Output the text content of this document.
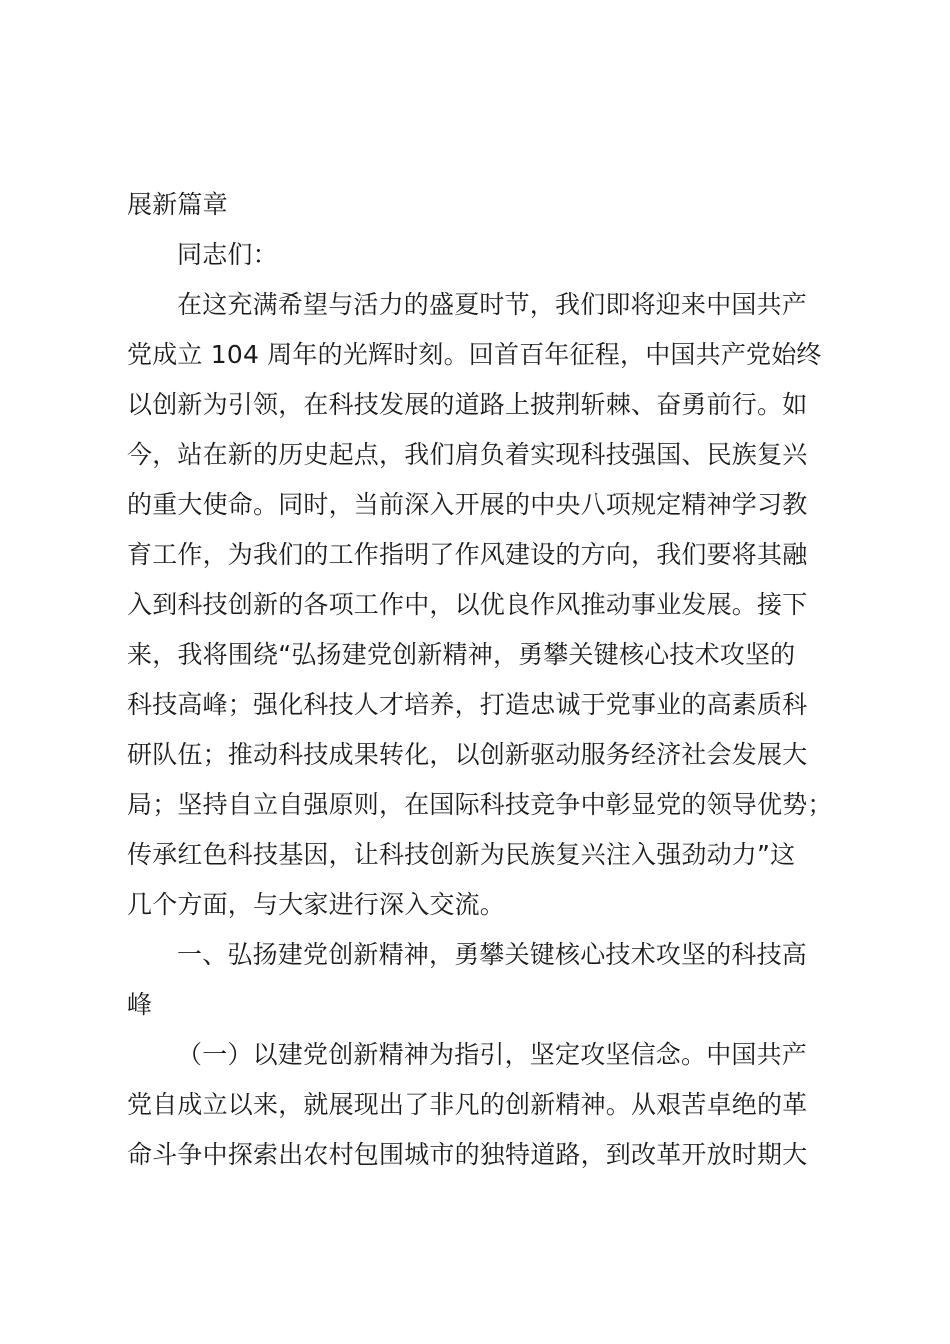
展新篇章
同志们：
在这充满希望与活力的盛夏时节，我们即将迎来中国共产
党成立 104 周年的光辉时刻。回首百年征程，中国共产党始终
以创新为引领，在科技发展的道路上披荆斩棘、奋勇前行。如
今，站在新的历史起点，我们肩负着实现科技强国、民族复兴
的重大使命。同时，当前深入开展的中央八项规定精神学习教
育工作，为我们的工作指明了作风建设的方向，我们要将其融
入到科技创新的各项工作中，以优良作风推动事业发展。接下
来，我将围绕“弘扬建党创新精神，勇攀关键核心技术攻坚的
科技高峰；强化科技人才培养，打造忠诚于党事业的高素质科
研队伍；推动科技成果转化，以创新驱动服务经济社会发展大
局；坚持自立自强原则，在国际科技竞争中彰显党的领导优势；
传承红色科技基因，让科技创新为民族复兴注入强劲动力”这
几个方面，与大家进行深入交流。
一、弘扬建党创新精神，勇攀关键核心技术攻坚的科技高
峰
（一）以建党创新精神为指引，坚定攻坚信念。中国共产
党自成立以来，就展现出了非凡的创新精神。从艰苦卓绝的革
命斗争中探索出农村包围城市的独特道路，到改革开放时期大
